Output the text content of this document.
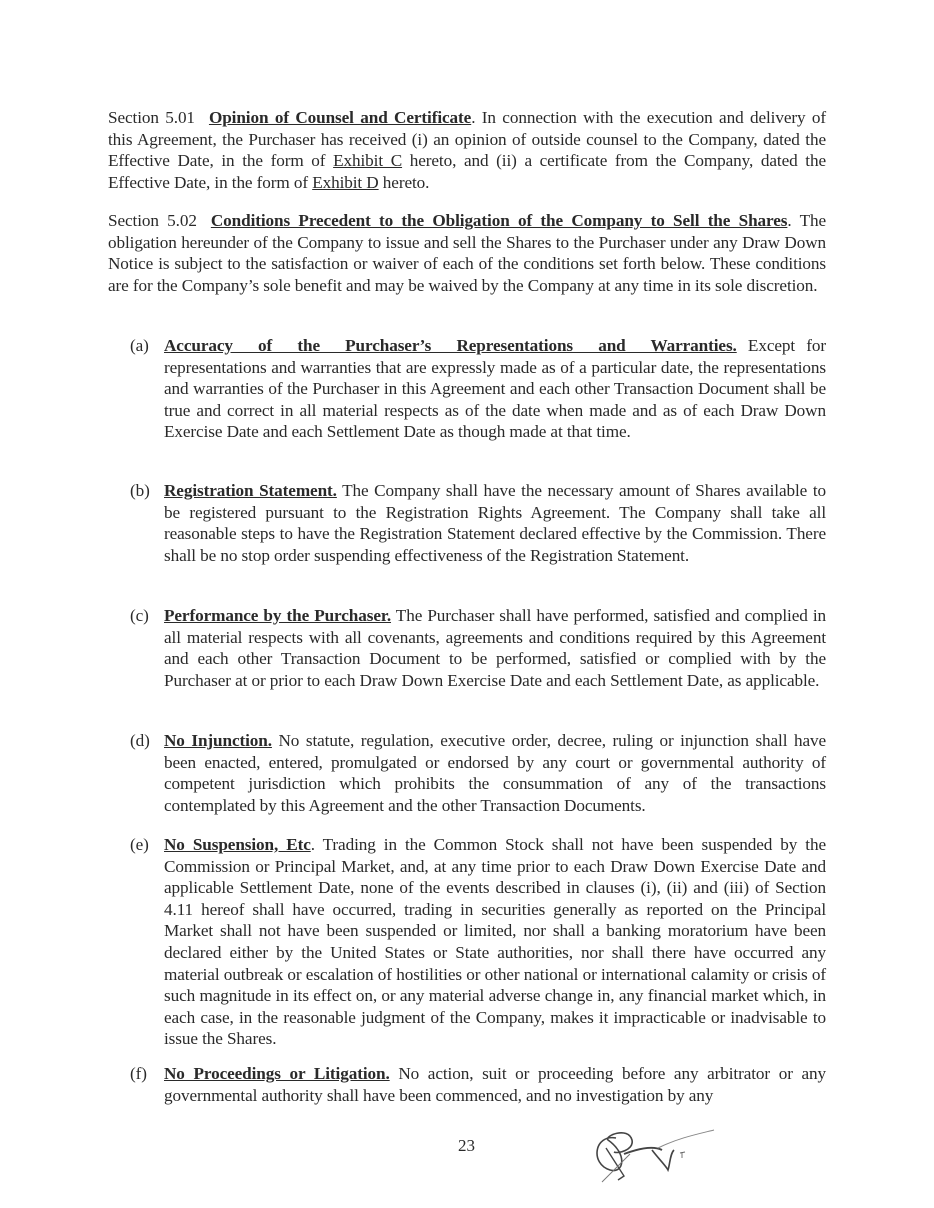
Section 5.01 Opinion of Counsel and Certificate. In connection with the execution and delivery of this Agreement, the Purchaser has received (i) an opinion of outside counsel to the Company, dated the Effective Date, in the form of Exhibit C hereto, and (ii) a certificate from the Company, dated the Effective Date, in the form of Exhibit D hereto.
Section 5.02 Conditions Precedent to the Obligation of the Company to Sell the Shares. The obligation hereunder of the Company to issue and sell the Shares to the Purchaser under any Draw Down Notice is subject to the satisfaction or waiver of each of the conditions set forth below. These conditions are for the Company’s sole benefit and may be waived by the Company at any time in its sole discretion.
(a) Accuracy of the Purchaser’s Representations and Warranties. Except for representations and warranties that are expressly made as of a particular date, the representations and warranties of the Purchaser in this Agreement and each other Transaction Document shall be true and correct in all material respects as of the date when made and as of each Draw Down Exercise Date and each Settlement Date as though made at that time.
(b) Registration Statement. The Company shall have the necessary amount of Shares available to be registered pursuant to the Registration Rights Agreement. The Company shall take all reasonable steps to have the Registration Statement declared effective by the Commission. There shall be no stop order suspending effectiveness of the Registration Statement.
(c) Performance by the Purchaser. The Purchaser shall have performed, satisfied and complied in all material respects with all covenants, agreements and conditions required by this Agreement and each other Transaction Document to be performed, satisfied or complied with by the Purchaser at or prior to each Draw Down Exercise Date and each Settlement Date, as applicable.
(d) No Injunction. No statute, regulation, executive order, decree, ruling or injunction shall have been enacted, entered, promulgated or endorsed by any court or governmental authority of competent jurisdiction which prohibits the consummation of any of the transactions contemplated by this Agreement and the other Transaction Documents.
(e) No Suspension, Etc. Trading in the Common Stock shall not have been suspended by the Commission or Principal Market, and, at any time prior to each Draw Down Exercise Date and applicable Settlement Date, none of the events described in clauses (i), (ii) and (iii) of Section 4.11 hereof shall have occurred, trading in securities generally as reported on the Principal Market shall not have been suspended or limited, nor shall a banking moratorium have been declared either by the United States or State authorities, nor shall there have occurred any material outbreak or escalation of hostilities or other national or international calamity or crisis of such magnitude in its effect on, or any material adverse change in, any financial market which, in each case, in the reasonable judgment of the Company, makes it impracticable or inadvisable to issue the Shares.
(f) No Proceedings or Litigation. No action, suit or proceeding before any arbitrator or any governmental authority shall have been commenced, and no investigation by any
23
